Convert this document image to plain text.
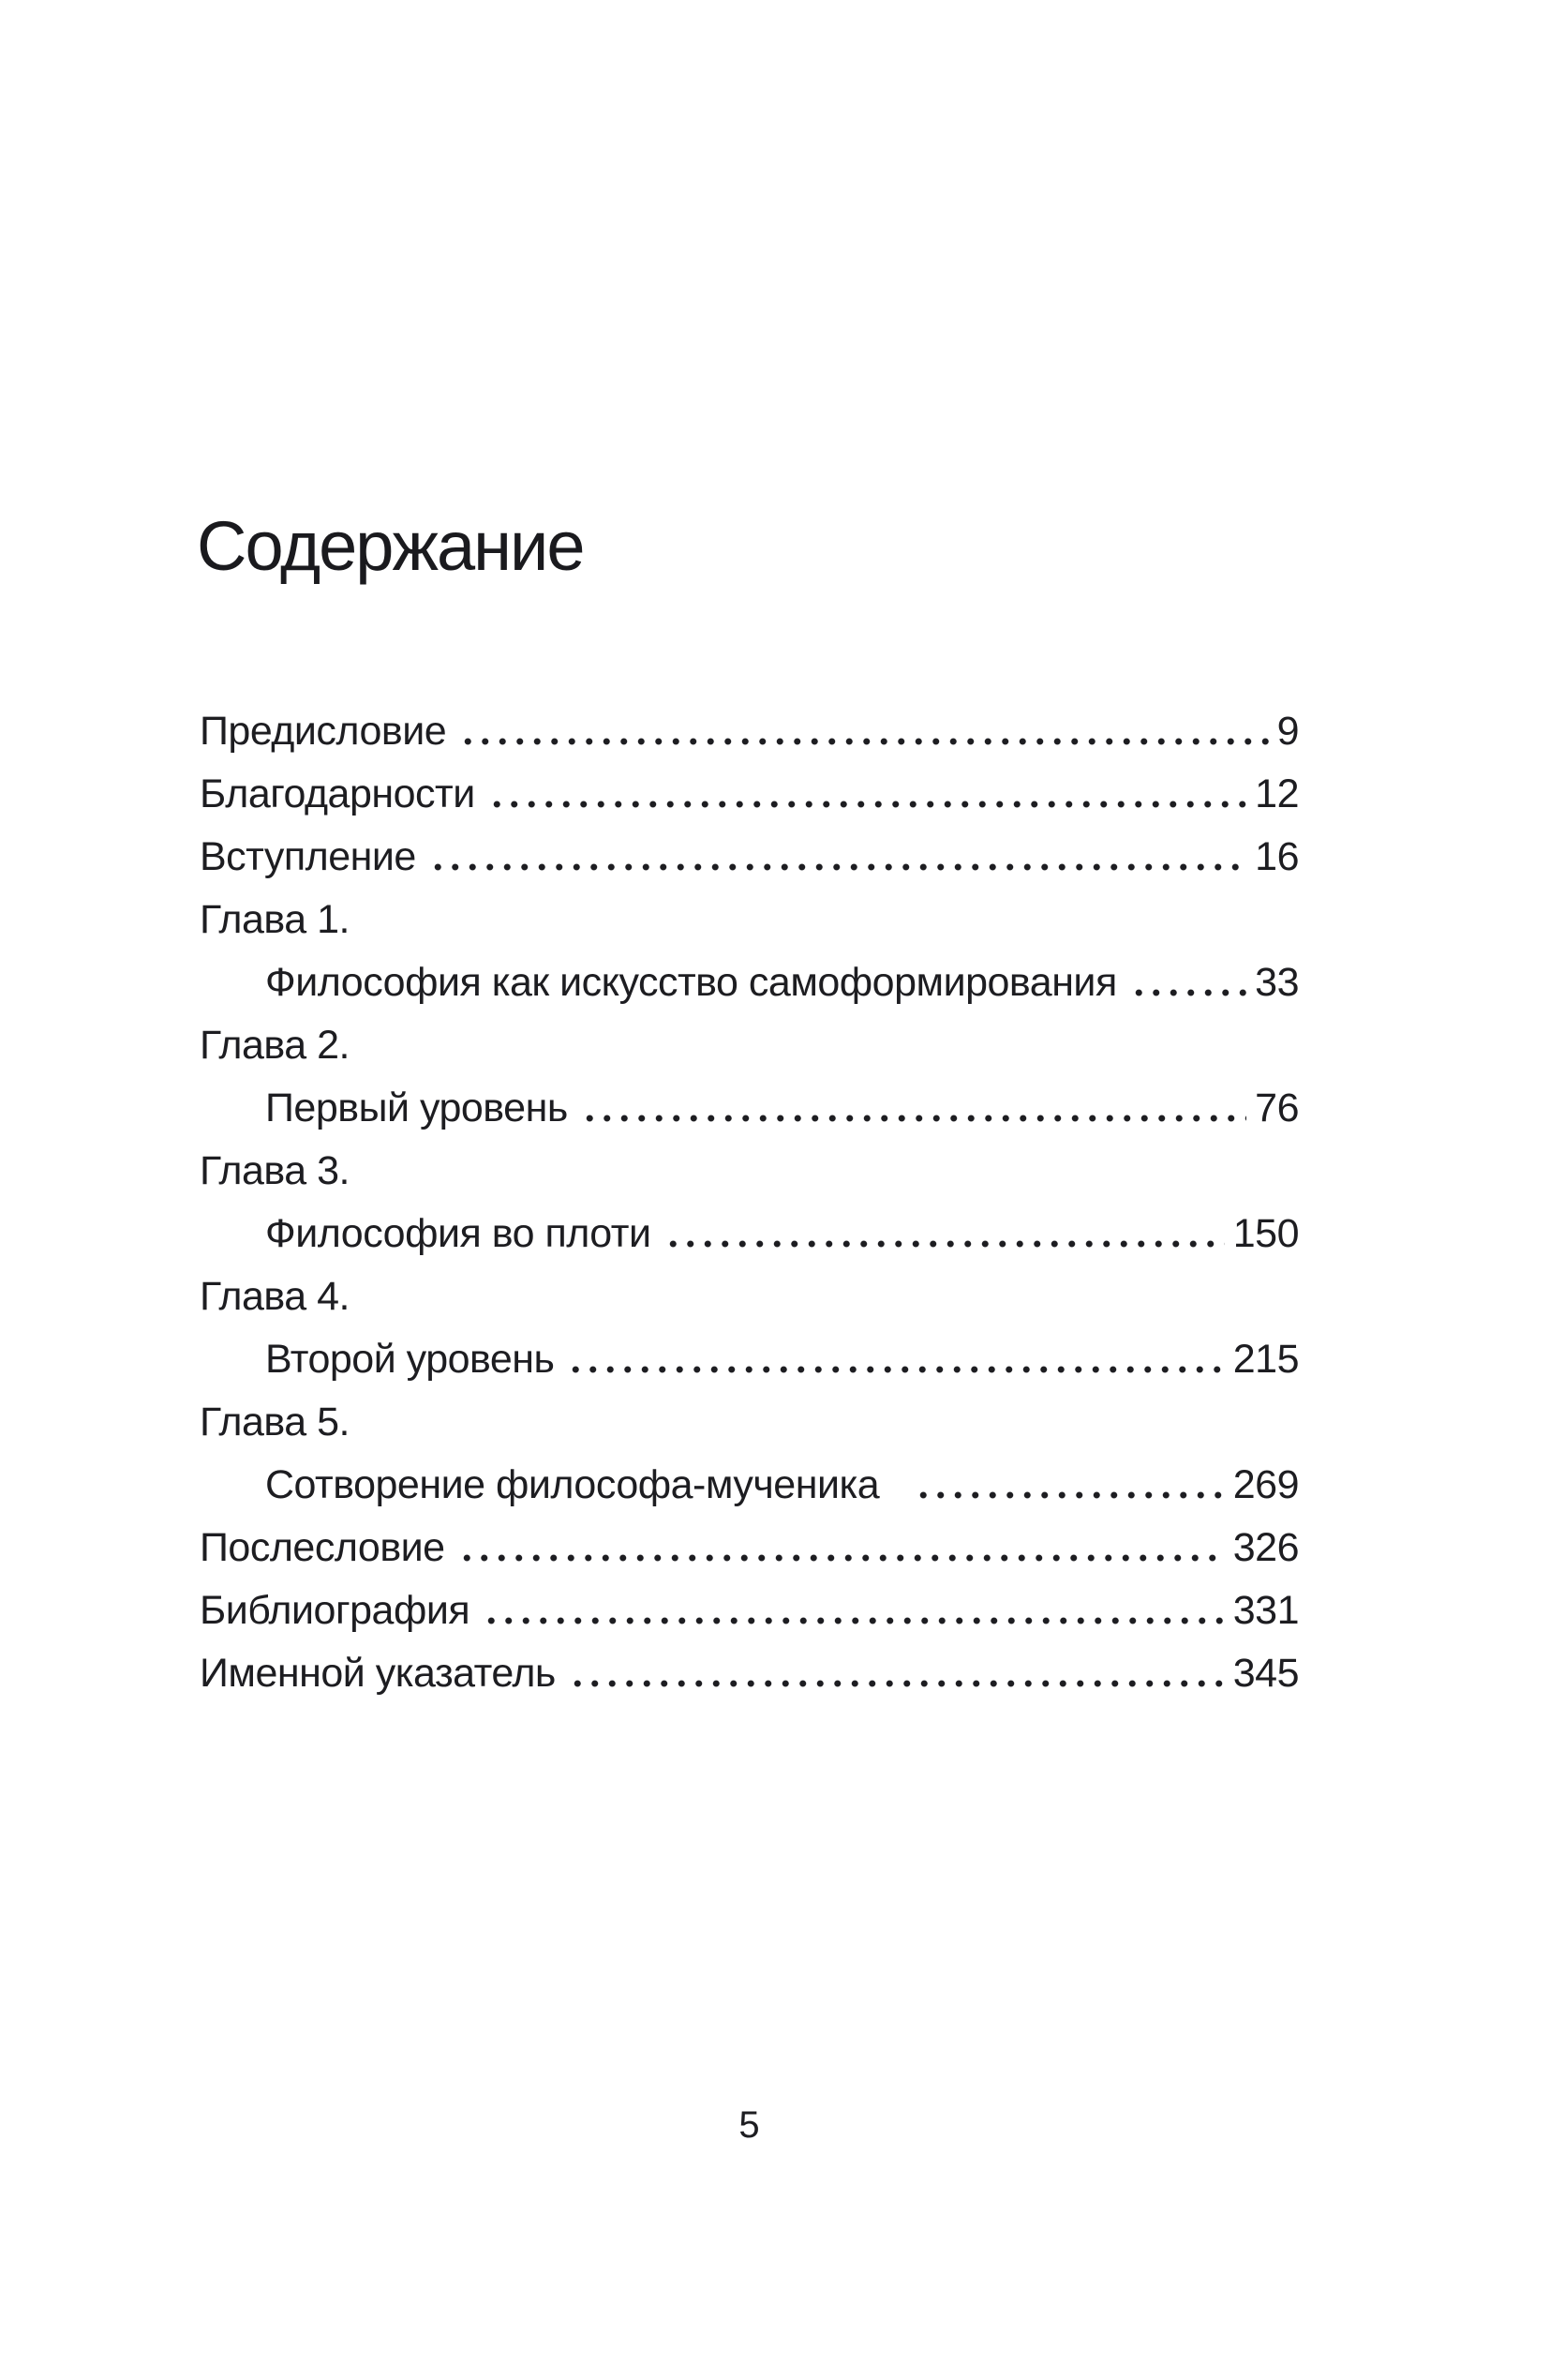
Содержание
Предисловие	9
Благодарности	12
Вступление	16
Глава 1.
Философия как искусство самоформирования	33
Глава 2.
Первый уровень	76
Глава 3.
Философия во плоти	150
Глава 4.
Второй уровень	215
Глава 5.
Сотворение философа-мученика	269
Послесловие	326
Библиография	331
Именной указатель	345
5
